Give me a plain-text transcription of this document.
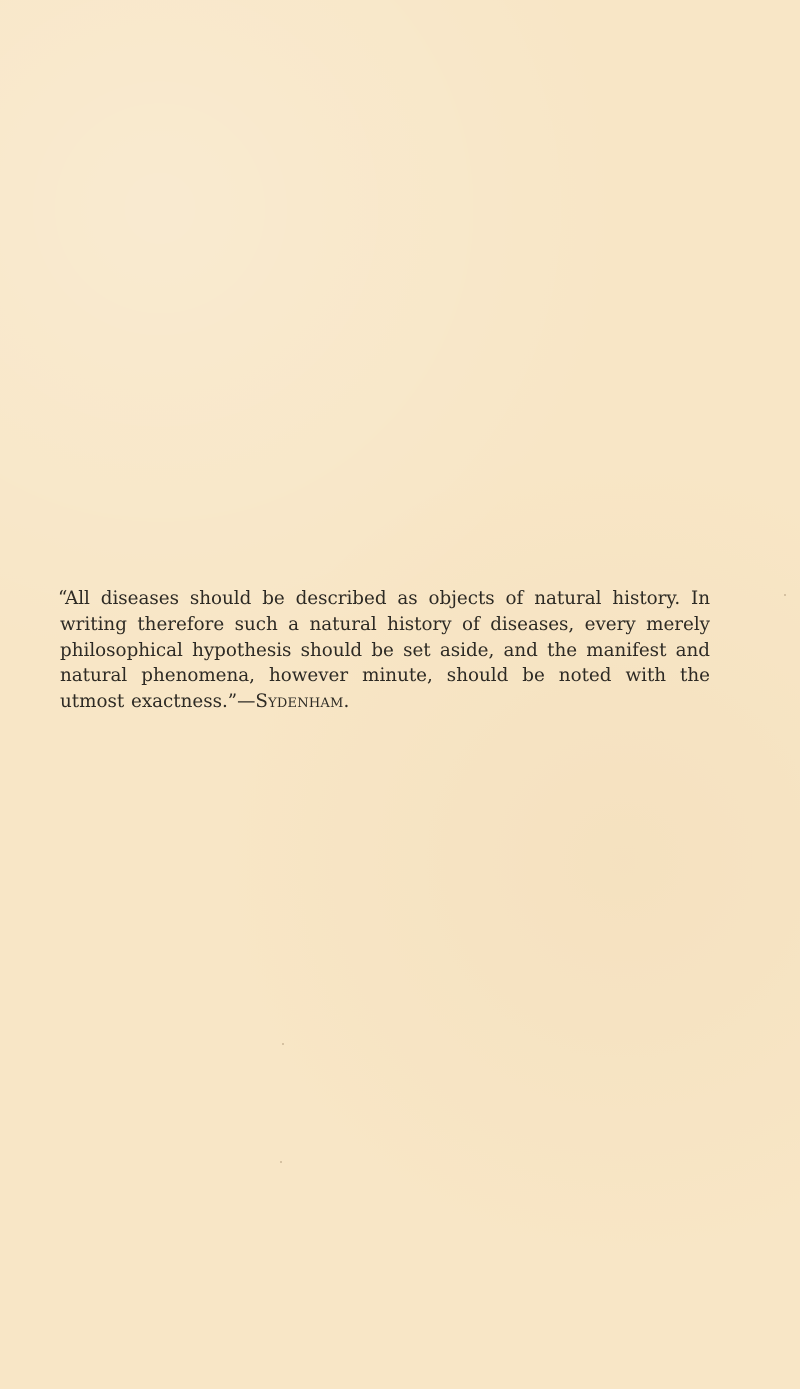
“All diseases should be described as objects of natural history. In writing therefore such a natural history of diseases, every merely philosophical hypothesis should be set aside, and the manifest and natural phenomena, however minute, should be noted with the utmost exactness.”—Sydenham.
